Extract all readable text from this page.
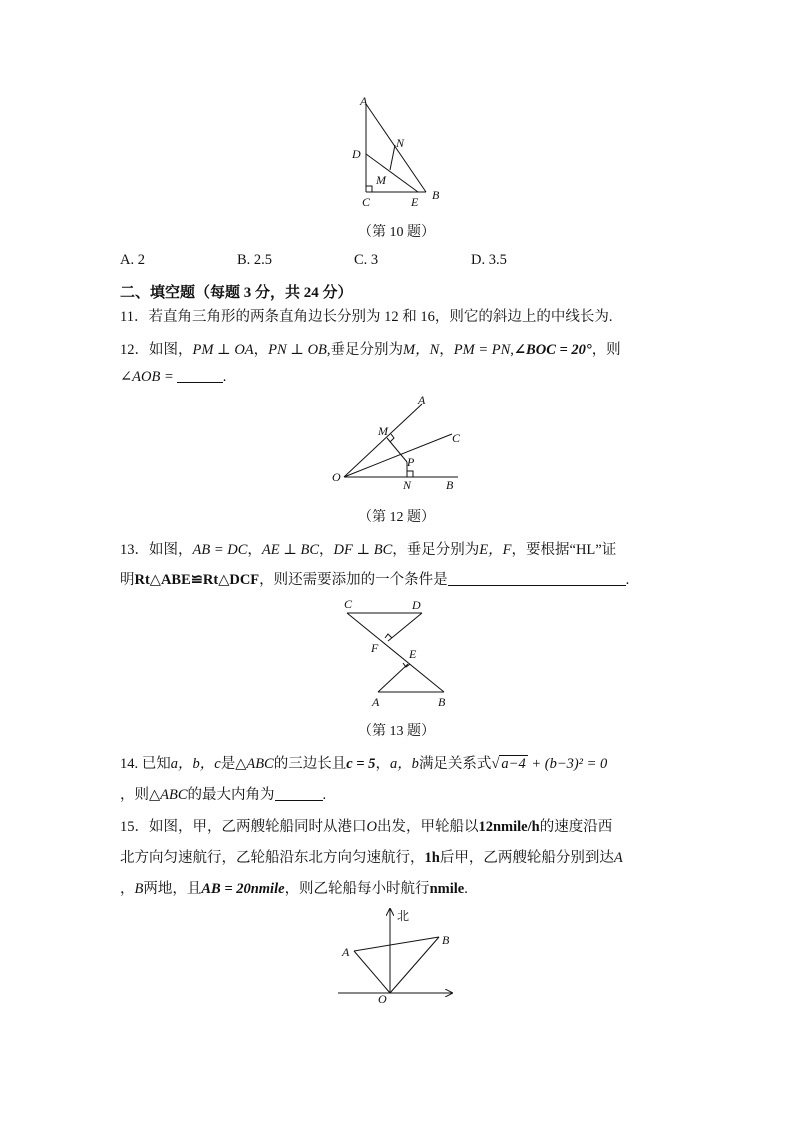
A
D
N
M
C	E B
（第 10 题）
A. 2	B. 2.5	C. 3	D. 3.5
二、填空题（每题 3 分，共 24 分）
11．若直角三角形的两条直角边长分别为 12 和 16，则它的斜边上的中线长为.
12．如图，PM ⊥ OA，PN ⊥ OB,垂足分别为M，N，PM = PN,∠BOC = 20°，则
∠AOB =	.
A
M	C
P
O
N	B
（第 12 题）
13．如图，AB = DC，AE ⊥ BC，DF ⊥ BC，垂足分别为E，F，要根据“HL”证
明Rt△ABE≌Rt△DCF，则还需要添加的一个条件是	.
C	D
F	E
A	B
（第 13 题）
14. 已知a，b，c是△ABC的三边长且c = 5，a，b满足关系式√ a−4 + (b−3)² = 0
，则△ABC的最大内角为	.
15．如图，甲，乙两艘轮船同时从港口O出发，甲轮船以12nmile/h的速度沿西
北方向匀速航行，乙轮船沿东北方向匀速航行，1h后甲，乙两艘轮船分别到达A
，B两地，且AB = 20nmile，则乙轮船每小时航行nmile.
北
A
B
O
